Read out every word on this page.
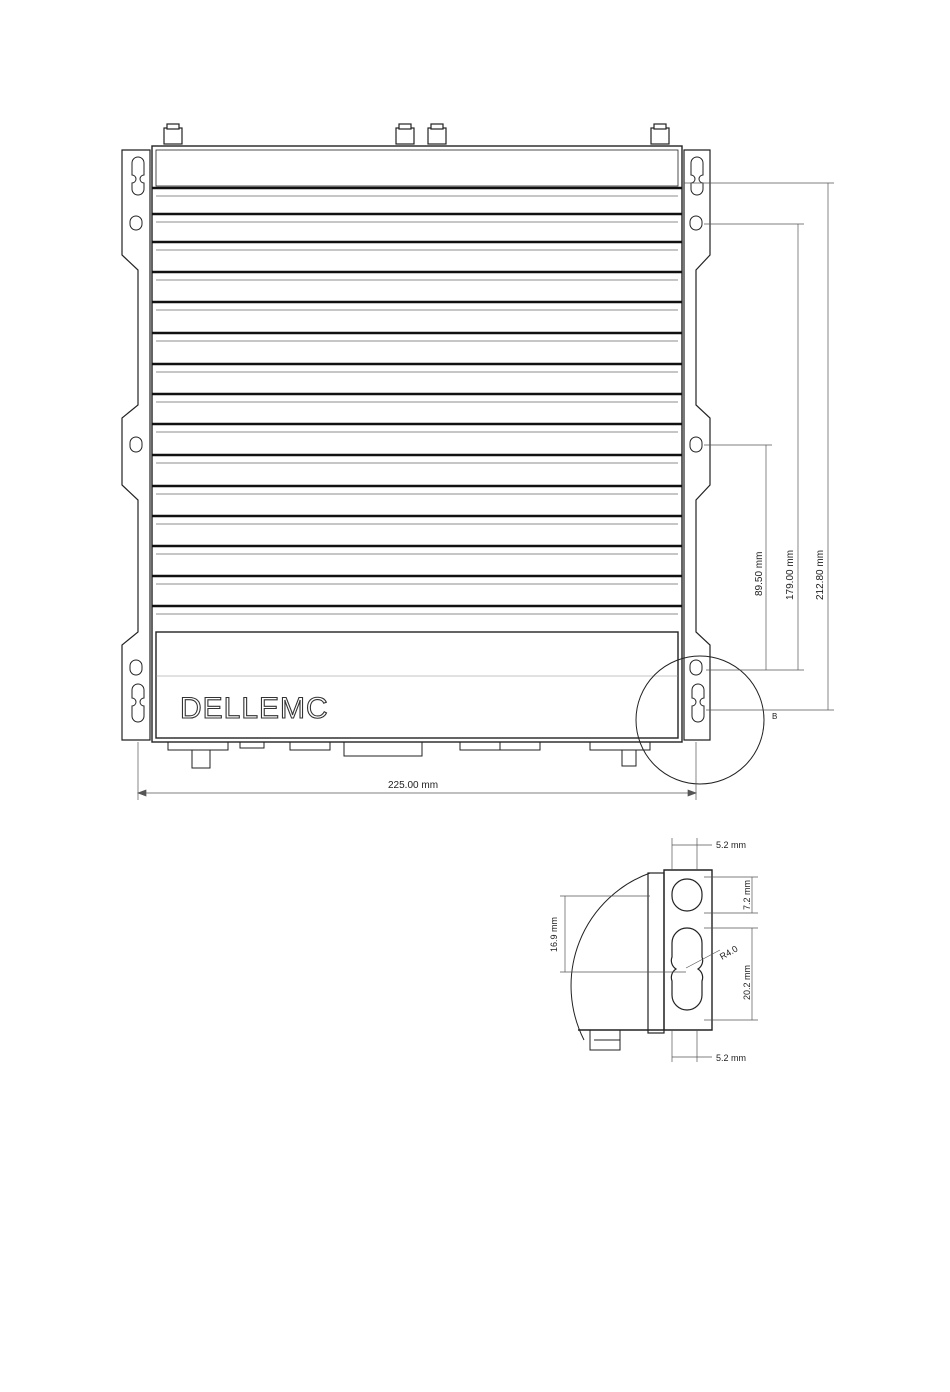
DELLEMC
225.00 mm
212.80 mm
179.00 mm
89.50 mm
B
5.2 mm
5.2 mm
7.2 mm
20.2 mm
16.9 mm
R4.0
